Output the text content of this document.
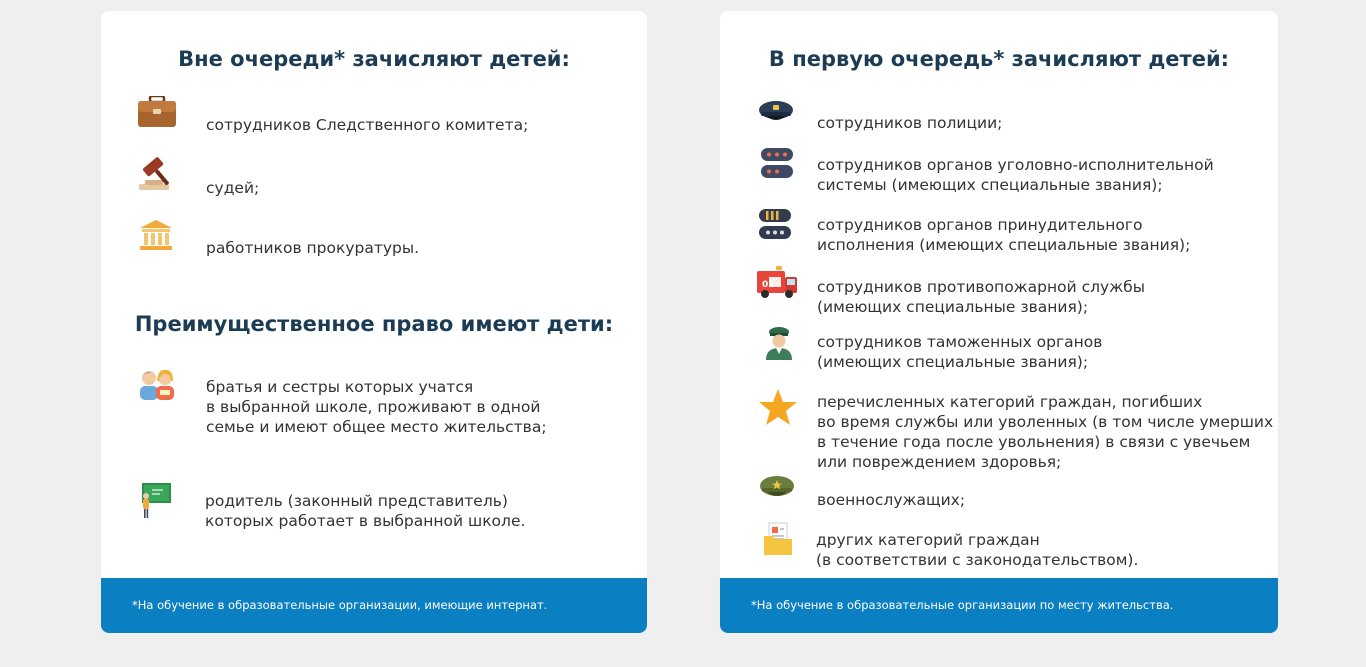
Вне очереди* зачисляют детей:
сотрудников Следственного комитета;
судей;
работников прокуратуры.
Преимущественное право имеют дети:
братья и сестры которых учатся
в выбранной школе, проживают в одной
семье и имеют общее место жительства;
родитель (законный представитель)
которых работает в выбранной школе.
*На обучение в образовательные организации, имеющие интернат.
В первую очередь* зачисляют детей:
сотрудников полиции;
сотрудников органов уголовно-исполнительной
системы (имеющих специальные звания);
сотрудников органов принудительного
исполнения (имеющих специальные звания);
01	сотрудников противопожарной службы
(имеющих специальные звания);
сотрудников таможенных органов
(имеющих специальные звания);
перечисленных категорий граждан, погибших
во время службы или уволенных (в том числе умерших
в течение года после увольнения) в связи с увечьем
или повреждением здоровья;
военнослужащих;
других категорий граждан
(в соответствии с законодательством).
*На обучение в образовательные организации по месту жительства.
